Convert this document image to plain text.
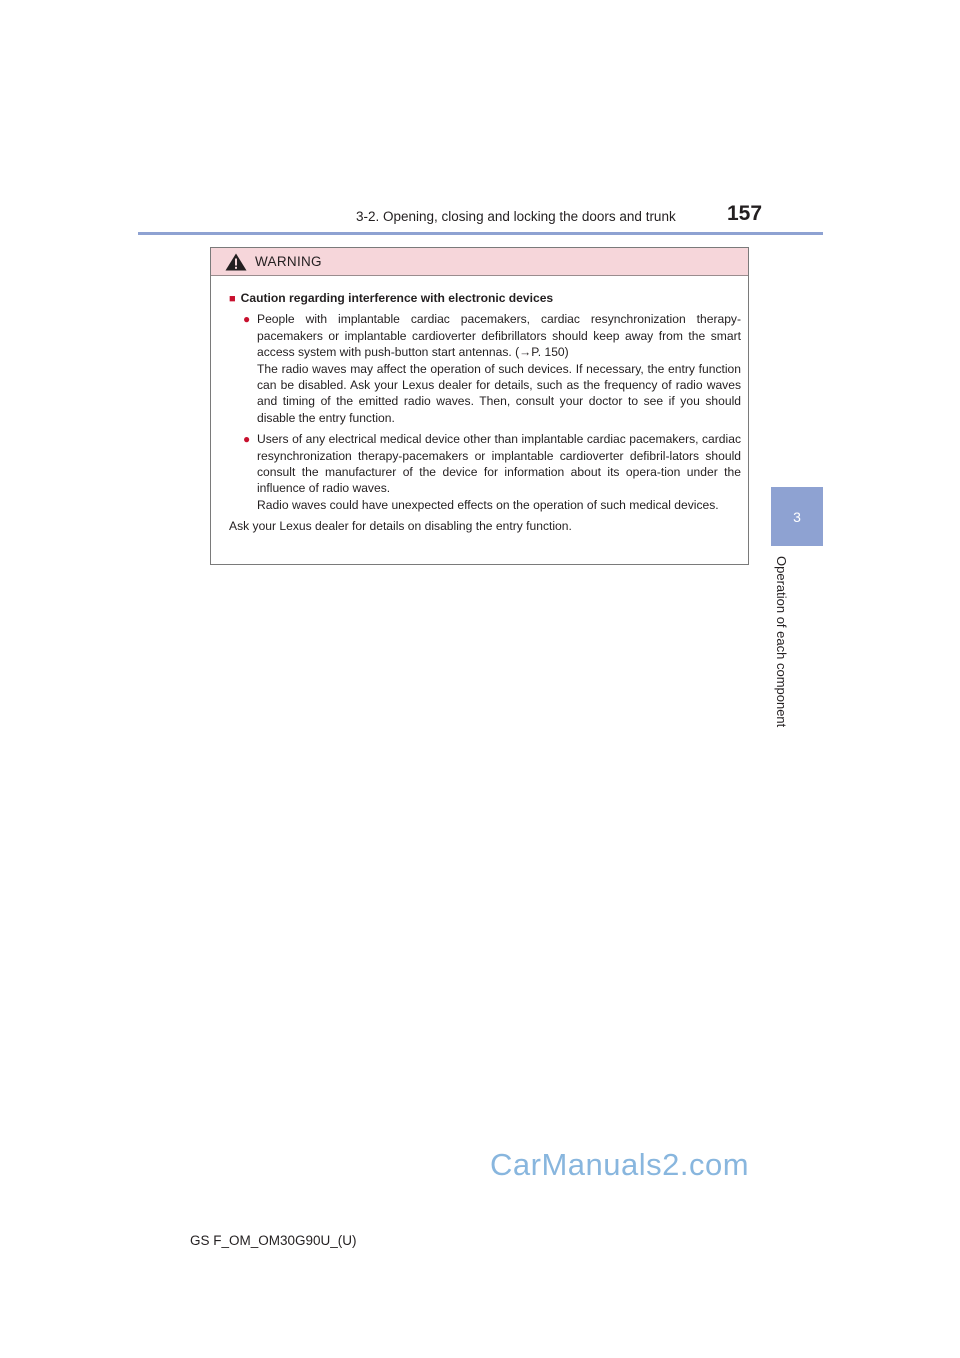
3-2. Opening, closing and locking the doors and trunk 157
3
Operation of each component
WARNING
■ Caution regarding interference with electronic devices
● People with implantable cardiac pacemakers, cardiac resynchronization therapy-pacemakers or implantable cardioverter defibrillators should keep away from the smart access system with push-button start antennas. (→P. 150)

The radio waves may affect the operation of such devices. If necessary, the entry function can be disabled. Ask your Lexus dealer for details, such as the frequency of radio waves and timing of the emitted radio waves. Then, consult your doctor to see if you should disable the entry function.

● Users of any electrical medical device other than implantable cardiac pacemakers, cardiac resynchronization therapy-pacemakers or implantable cardioverter defibril-lators should consult the manufacturer of the device for information about its opera-tion under the influence of radio waves.

Radio waves could have unexpected effects on the operation of such medical devices.

Ask your Lexus dealer for details on disabling the entry function.
CarManuals2.com
GS F_OM_OM30G90U_(U)
